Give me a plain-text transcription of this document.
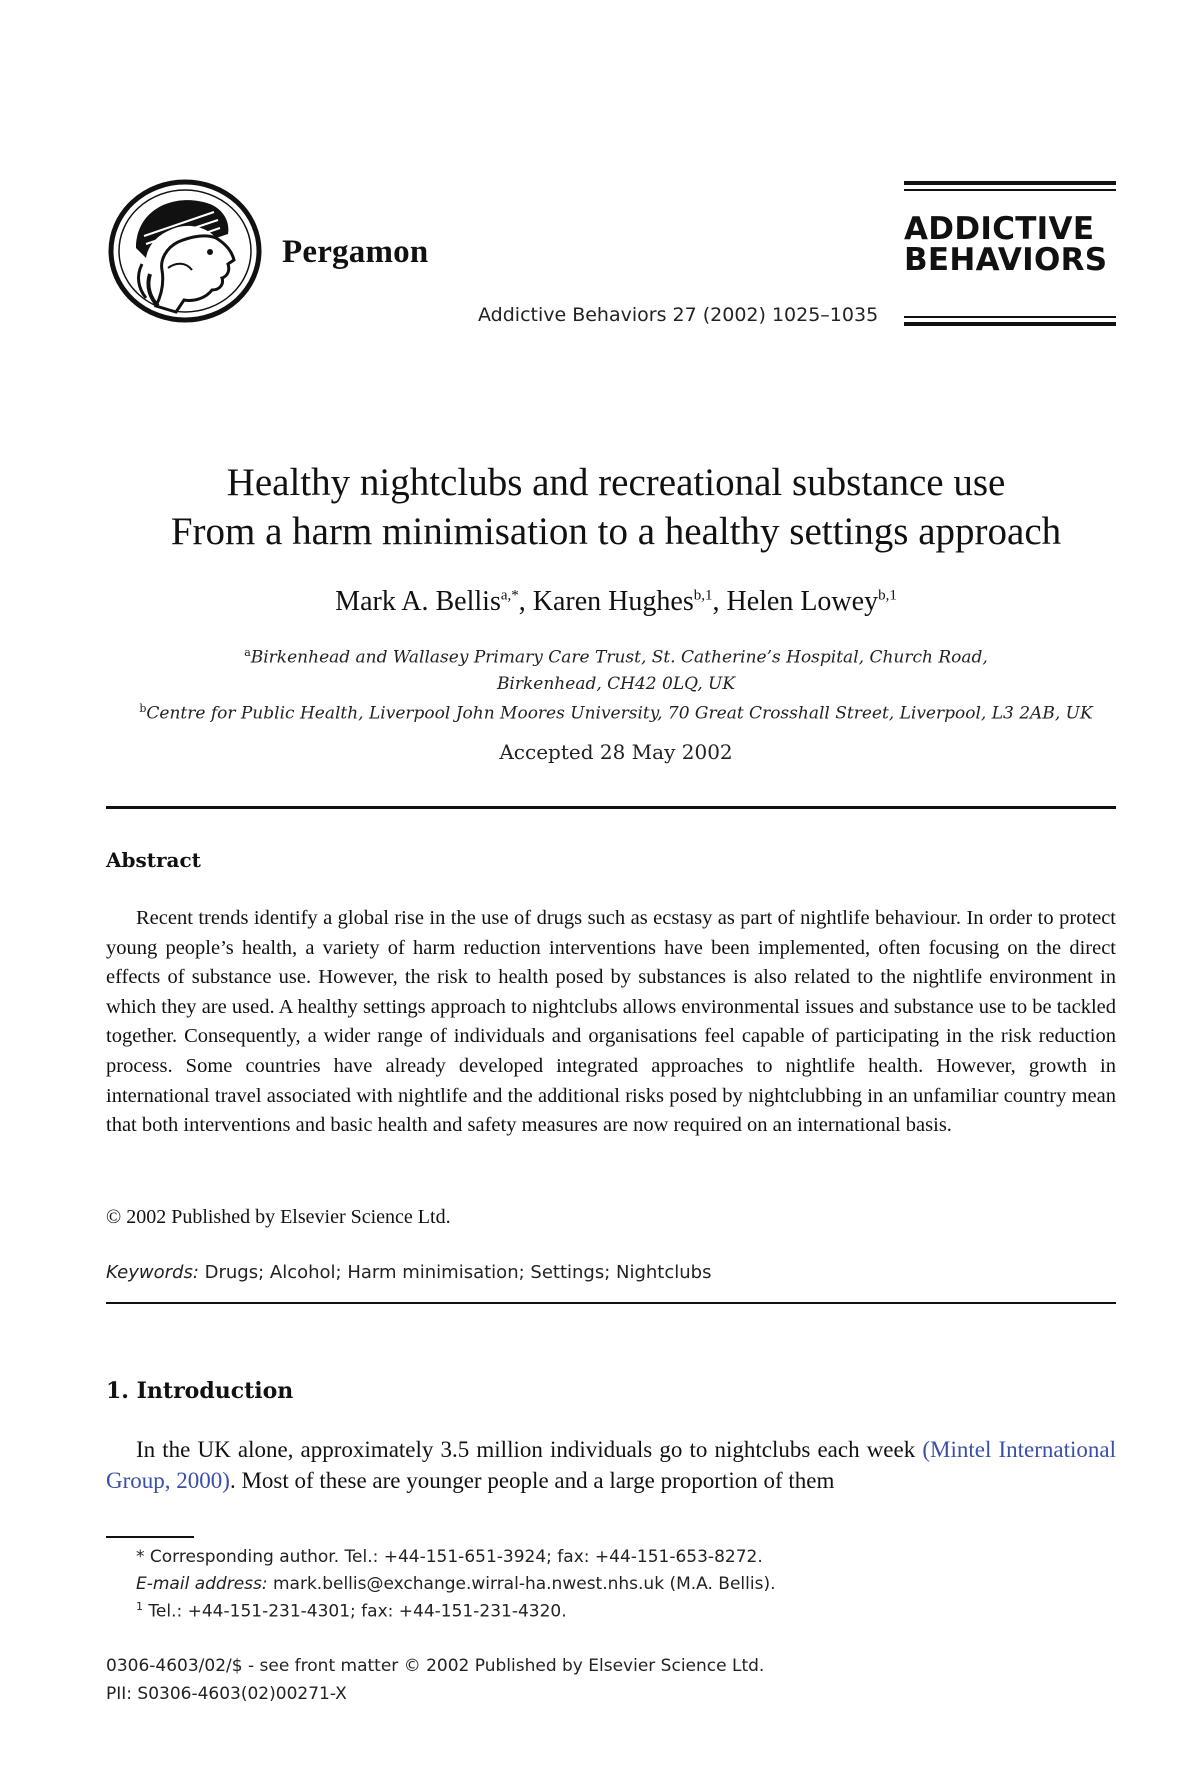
Pergamon
Addictive Behaviors 27 (2002) 1025–1035
ADDICTIVE
BEHAVIORS
Healthy nightclubs and recreational substance use
From a harm minimisation to a healthy settings approach
Mark A. Bellis$^{a,*}$, Karen Hughes$^{b,1}$, Helen Lowey$^{b,1}$
$^a$Birkenhead and Wallasey Primary Care Trust, St. Catherine’s Hospital, Church Road,
Birkenhead, CH42 0LQ, UK
$^b$Centre for Public Health, Liverpool John Moores University, 70 Great Crosshall Street, Liverpool, L3 2AB, UK
Accepted 28 May 2002
Abstract

Recent trends identify a global rise in the use of drugs such as ecstasy as part of nightlife behaviour. In order to protect young people’s health, a variety of harm reduction interventions have been implemented, often focusing on the direct effects of substance use. However, the risk to health posed by substances is also related to the nightlife environment in which they are used. A healthy settings approach to nightclubs allows environmental issues and substance use to be tackled together. Consequently, a wider range of individuals and organisations feel capable of participating in the risk reduction process. Some countries have already developed integrated approaches to nightlife health. However, growth in international travel associated with nightlife and the additional risks posed by nightclubbing in an unfamiliar country mean that both interventions and basic health and safety measures are now required on an international basis.

© 2002 Published by Elsevier Science Ltd.
Keywords: Drugs; Alcohol; Harm minimisation; Settings; Nightclubs
1. Introduction

In the UK alone, approximately 3.5 million individuals go to nightclubs each week (Mintel International Group, 2000). Most of these are younger people and a large proportion of them

* Corresponding author. Tel.: +44-151-651-3924; fax: +44-151-653-8272.
E-mail address: mark.bellis@exchange.wirral-ha.nwest.nhs.uk (M.A. Bellis).
$^1$ Tel.: +44-151-231-4301; fax: +44-151-231-4320.
0306-4603/02/$ - see front matter © 2002 Published by Elsevier Science Ltd.
PII: S0306-4603(02)00271-X
